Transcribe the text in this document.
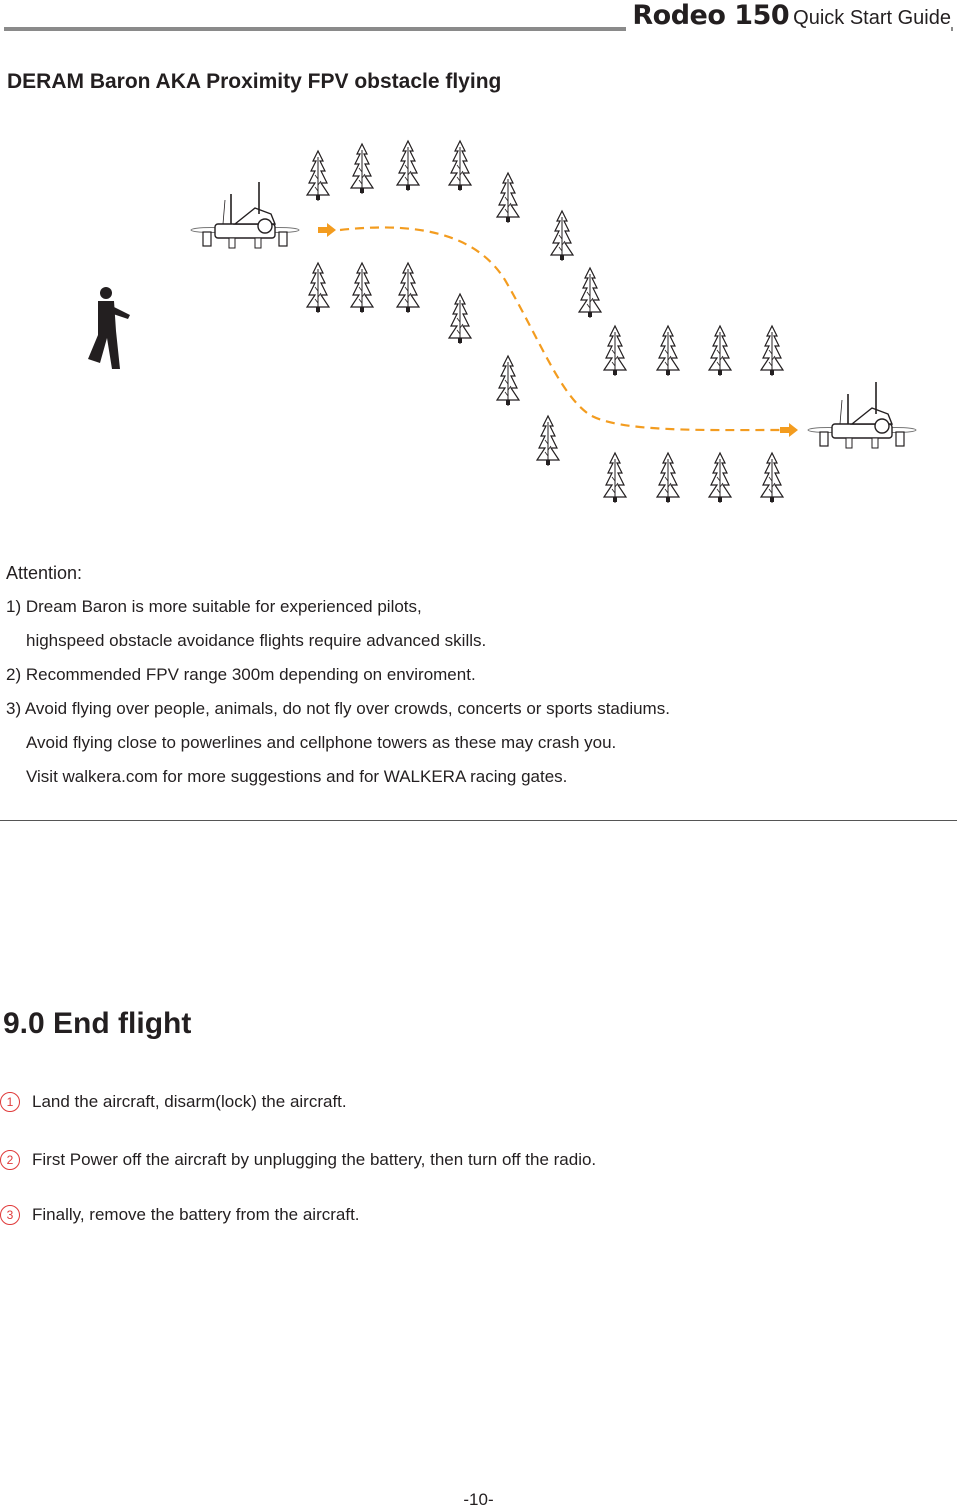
Rodeo 150 Quick Start Guide
DERAM Baron AKA Proximity FPV obstacle flying
Attention:
1) Dream Baron is more suitable for experienced pilots,
highspeed obstacle avoidance flights require advanced skills.
2) Recommended FPV range 300m depending on enviroment.
3) Avoid flying over people, animals, do not fly over crowds, concerts or sports stadiums.
Avoid flying close to powerlines and cellphone towers as these may crash you.
Visit walkera.com for more suggestions and for WALKERA racing gates.
9.0 End flight
1	Land the aircraft, disarm(lock) the aircraft.
2	First Power off the aircraft by unplugging the battery, then turn off the radio.
3	Finally, remove the battery from the aircraft.
-10-
